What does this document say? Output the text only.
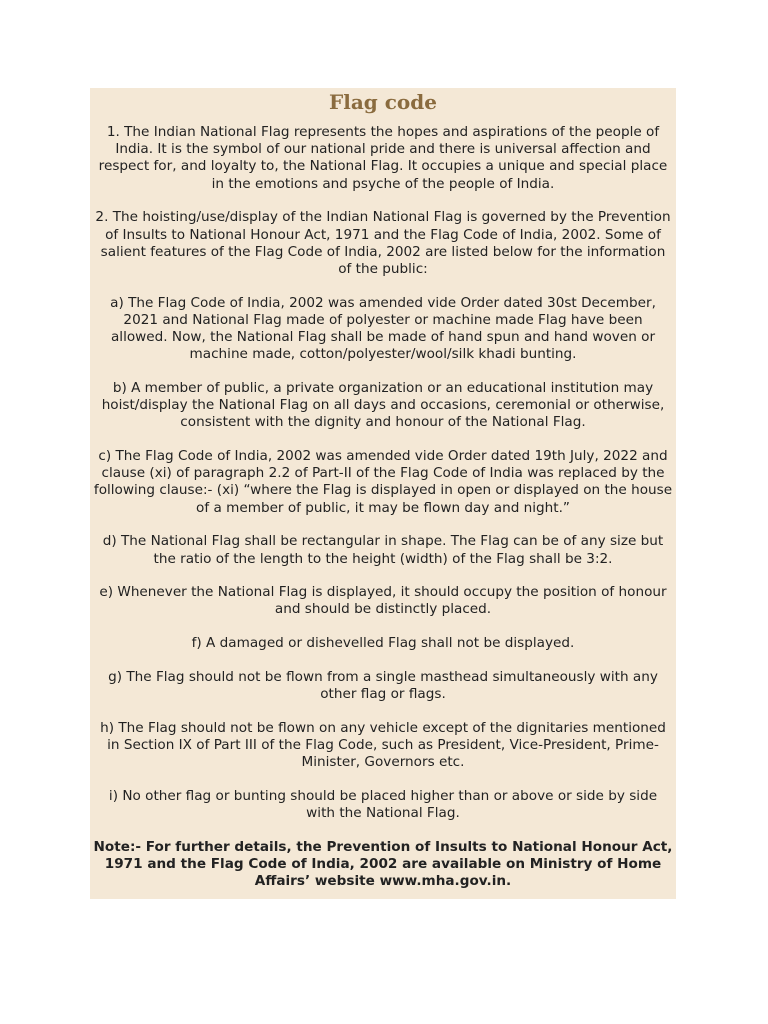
Flag code

1. The Indian National Flag represents the hopes and aspirations of the people of India. It is the symbol of our national pride and there is universal affection and respect for, and loyalty to, the National Flag. It occupies a unique and special place in the emotions and psyche of the people of India.

2. The hoisting/use/display of the Indian National Flag is governed by the Prevention of Insults to National Honour Act, 1971 and the Flag Code of India, 2002. Some of salient features of the Flag Code of India, 2002 are listed below for the information of the public:

a) The Flag Code of India, 2002 was amended vide Order dated 30st December, 2021 and National Flag made of polyester or machine made Flag have been allowed. Now, the National Flag shall be made of hand spun and hand woven or machine made, cotton/polyester/wool/silk khadi bunting.

b) A member of public, a private organization or an educational institution may hoist/display the National Flag on all days and occasions, ceremonial or otherwise, consistent with the dignity and honour of the National Flag.

c) The Flag Code of India, 2002 was amended vide Order dated 19th July, 2022 and clause (xi) of paragraph 2.2 of Part-II of the Flag Code of India was replaced by the following clause:- (xi) “where the Flag is displayed in open or displayed on the house of a member of public, it may be flown day and night.”

d) The National Flag shall be rectangular in shape. The Flag can be of any size but the ratio of the length to the height (width) of the Flag shall be 3:2.

e) Whenever the National Flag is displayed, it should occupy the position of honour and should be distinctly placed.

f) A damaged or dishevelled Flag shall not be displayed.

g) The Flag should not be flown from a single masthead simultaneously with any other flag or flags.

h) The Flag should not be flown on any vehicle except of the dignitaries mentioned in Section IX of Part III of the Flag Code, such as President, Vice-President, Prime-Minister, Governors etc.

i) No other flag or bunting should be placed higher than or above or side by side with the National Flag.

Note:- For further details, the Prevention of Insults to National Honour Act, 1971 and the Flag Code of India, 2002 are available on Ministry of Home Affairs’ website www.mha.gov.in.
